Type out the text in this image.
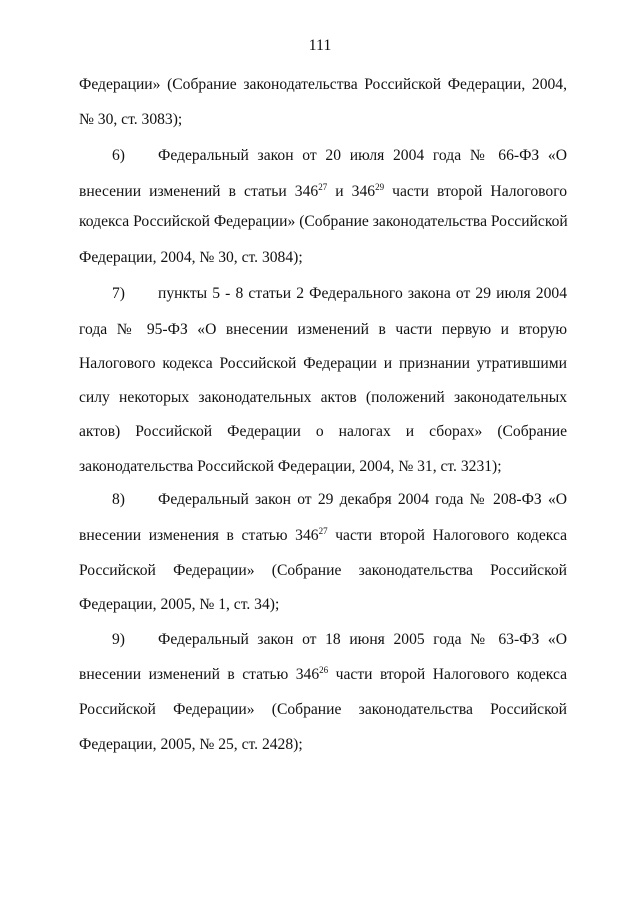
111
Федерации» (Собрание законодательства Российской Федерации, 2004,
№ 30, ст. 3083);
6) Федеральный закон от 20 июля 2004 года № 66-ФЗ «О
внесении изменений в статьи $346^{27}$ и $346^{29}$ части второй Налогового
кодекса Российской Федерации» (Собрание законодательства Российской
Федерации, 2004, № 30, ст. 3084);
7) пункты 5 - 8 статьи 2 Федерального закона от 29 июля 2004
года № 95-ФЗ «О внесении изменений в части первую и вторую
Налогового кодекса Российской Федерации и признании утратившими
силу некоторых законодательных актов (положений законодательных
актов) Российской Федерации о налогах и сборах» (Собрание
законодательства Российской Федерации, 2004, № 31, ст. 3231);
8) Федеральный закон от 29 декабря 2004 года № 208-ФЗ «О
внесении изменения в статью $346^{27}$ части второй Налогового кодекса
Российской Федерации» (Собрание законодательства Российской
Федерации, 2005, № 1, ст. 34);
9) Федеральный закон от 18 июня 2005 года № 63-ФЗ «О
внесении изменений в статью $346^{26}$ части второй Налогового кодекса
Российской Федерации» (Собрание законодательства Российской
Федерации, 2005, № 25, ст. 2428);
